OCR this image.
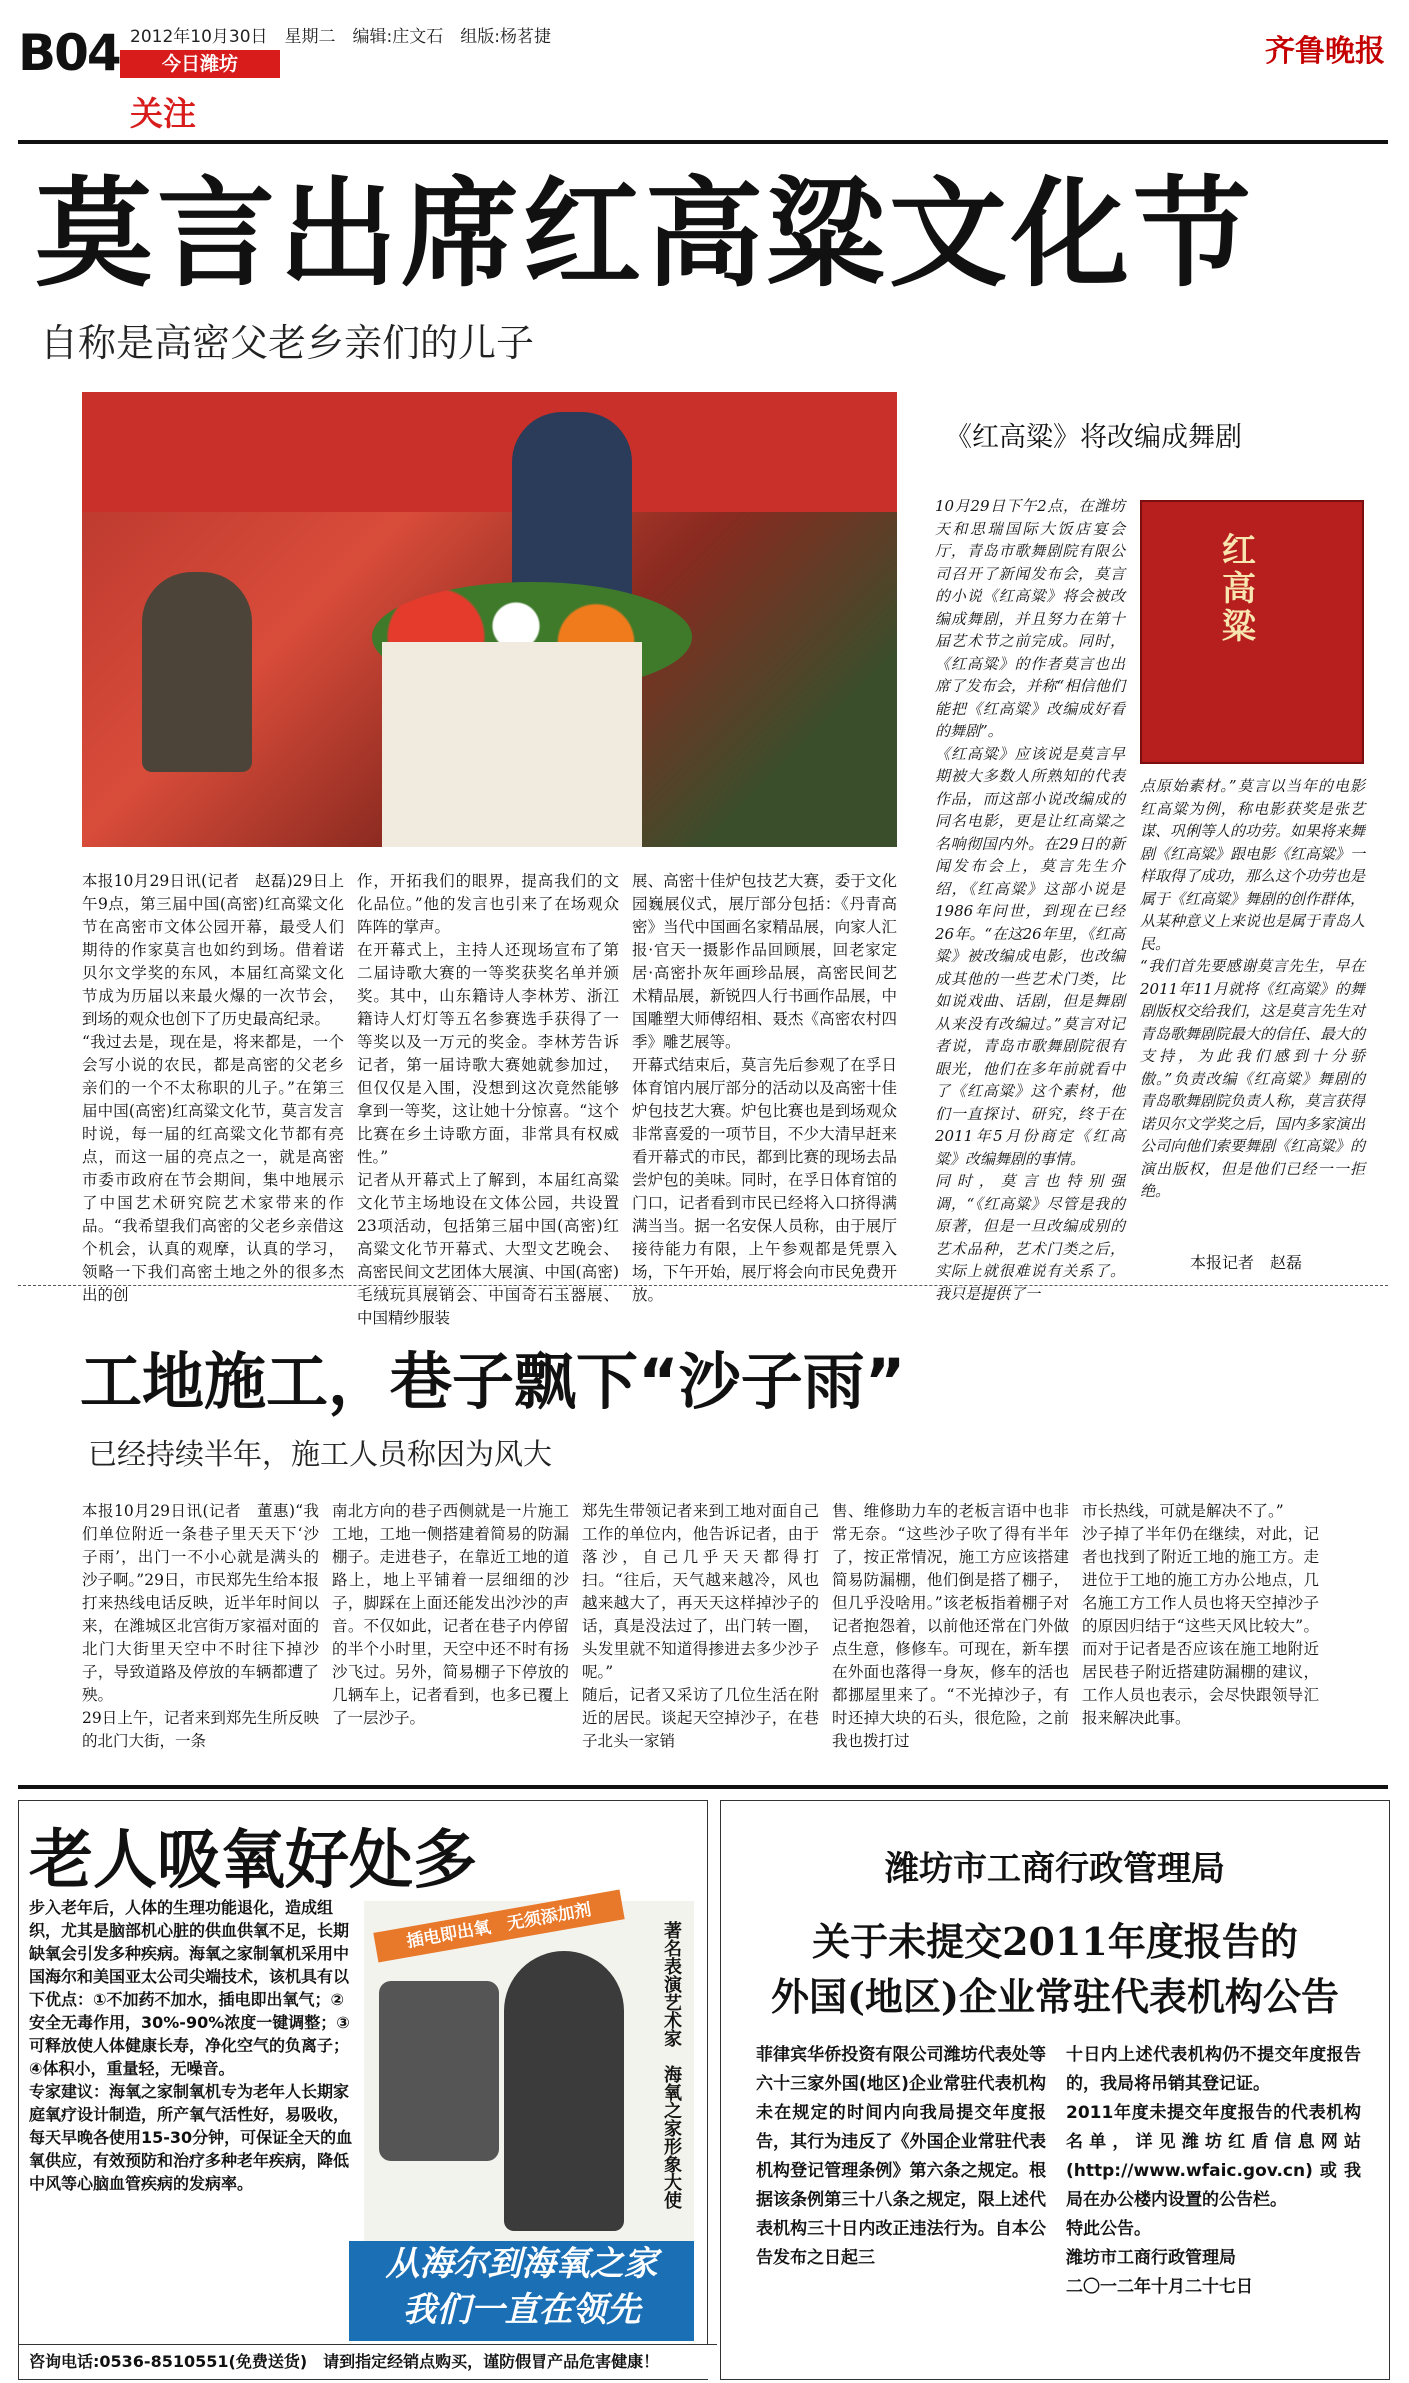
B04 2012年10月30日　星期二　编辑:庄文石　组版:杨茗捷
今日潍坊
关注
齐鲁晚报
莫言出席红高粱文化节
自称是高密父老乡亲们的儿子
本报10月29日讯(记者　赵磊)29日上午9点，第三届中国(高密)红高粱文化节在高密市文体公园开幕，最受人们期待的作家莫言也如约到场。借着诺贝尔文学奖的东风，本届红高粱文化节成为历届以来最火爆的一次节会，到场的观众也创下了历史最高纪录。
“我过去是，现在是，将来都是，一个会写小说的农民，都是高密的父老乡亲们的一个不太称职的儿子。”在第三届中国(高密)红高粱文化节，莫言发言时说，每一届的红高粱文化节都有亮点，而这一届的亮点之一，就是高密市委市政府在节会期间，集中地展示了中国艺术研究院艺术家带来的作品。“我希望我们高密的父老乡亲借这个机会，认真的观摩，认真的学习，领略一下我们高密土地之外的很多杰出的创
作，开拓我们的眼界，提高我们的文化品位。”他的发言也引来了在场观众阵阵的掌声。
在开幕式上，主持人还现场宣布了第二届诗歌大赛的一等奖获奖名单并颁奖。其中，山东籍诗人李林芳、浙江籍诗人灯灯等五名参赛选手获得了一等奖以及一万元的奖金。李林芳告诉记者，第一届诗歌大赛她就参加过，但仅仅是入围，没想到这次竟然能够拿到一等奖，这让她十分惊喜。“这个比赛在乡土诗歌方面，非常具有权威性。”
记者从开幕式上了解到，本届红高粱文化节主场地设在文体公园，共设置23项活动，包括第三届中国(高密)红高粱文化节开幕式、大型文艺晚会、高密民间文艺团体大展演、中国(高密)毛绒玩具展销会、中国奇石玉器展、中国精纱服装
展、高密十佳炉包技艺大赛，委于文化园巍展仪式，展厅部分包括：《丹青高密》当代中国画名家精品展，向家人汇报·官天一摄影作品回顾展，回老家定居·高密扑灰年画珍品展，高密民间艺术精品展，新锐四人行书画作品展，中国雕塑大师傅绍相、聂杰《高密农村四季》雕艺展等。
开幕式结束后，莫言先后参观了在孚日体育馆内展厅部分的活动以及高密十佳炉包技艺大赛。炉包比赛也是到场观众非常喜爱的一项节目，不少大清早赶来看开幕式的市民，都到比赛的现场去品尝炉包的美味。同时，在孚日体育馆的门口，记者看到市民已经将入口挤得满满当当。据一名安保人员称，由于展厅接待能力有限，上午参观都是凭票入场，下午开始，展厅将会向市民免费开放。
《红高粱》将改编成舞剧
红高粱
10月29日下午2点，在潍坊天和思瑞国际大饭店宴会厅，青岛市歌舞剧院有限公司召开了新闻发布会，莫言的小说《红高粱》将会被改编成舞剧，并且努力在第十届艺术节之前完成。同时，《红高粱》的作者莫言也出席了发布会，并称“相信他们能把《红高粱》改编成好看的舞剧”。
《红高粱》应该说是莫言早期被大多数人所熟知的代表作品，而这部小说改编成的同名电影，更是让红高粱之名响彻国内外。在29日的新闻发布会上，莫言先生介绍，《红高粱》这部小说是1986年问世，到现在已经26年。“在这26年里，《红高粱》被改编成电影，也改编成其他的一些艺术门类，比如说戏曲、话剧，但是舞剧从来没有改编过。”莫言对记者说，青岛市歌舞剧院很有眼光，他们在多年前就看中了《红高粱》这个素材，他们一直探讨、研究，终于在2011年5月份商定《红高粱》改编舞剧的事情。
同时，莫言也特别强调，“《红高粱》尽管是我的原著，但是一旦改编成别的艺术品种，艺术门类之后，实际上就很难说有关系了。我只是提供了一
点原始素材。”莫言以当年的电影红高粱为例，称电影获奖是张艺谋、巩俐等人的功劳。如果将来舞剧《红高粱》跟电影《红高粱》一样取得了成功，那么这个功劳也是属于《红高粱》舞剧的创作群体，从某种意义上来说也是属于青岛人民。
“我们首先要感谢莫言先生，早在2011年11月就将《红高粱》的舞剧版权交给我们，这是莫言先生对青岛歌舞剧院最大的信任、最大的支持，为此我们感到十分骄傲。”负责改编《红高粱》舞剧的青岛歌舞剧院负责人称，莫言获得诺贝尔文学奖之后，国内多家演出公司向他们索要舞剧《红高粱》的演出版权，但是他们已经一一拒绝。
本报记者　赵磊
工地施工，巷子飘下“沙子雨”
已经持续半年，施工人员称因为风大
本报10月29日讯(记者　董惠)“我们单位附近一条巷子里天天下‘沙子雨’，出门一不小心就是满头的沙子啊。”29日，市民郑先生给本报打来热线电话反映，近半年时间以来，在潍城区北宫街万家福对面的北门大街里天空中不时往下掉沙子，导致道路及停放的车辆都遭了殃。
29日上午，记者来到郑先生所反映的北门大街，一条
南北方向的巷子西侧就是一片施工工地，工地一侧搭建着简易的防漏棚子。走进巷子，在靠近工地的道路上，地上平铺着一层细细的沙子，脚踩在上面还能发出沙沙的声音。不仅如此，记者在巷子内停留的半个小时里，天空中还不时有扬沙飞过。另外，简易棚子下停放的几辆车上，记者看到，也多已覆上了一层沙子。
郑先生带领记者来到工地对面自己工作的单位内，他告诉记者，由于落沙，自己几乎天天都得打扫。“往后，天气越来越冷，风也越来越大了，再天天这样掉沙子的话，真是没法过了，出门转一圈，头发里就不知道得掺进去多少沙子呢。”
随后，记者又采访了几位生活在附近的居民。谈起天空掉沙子，在巷子北头一家销
售、维修助力车的老板言语中也非常无奈。“这些沙子吹了得有半年了，按正常情况，施工方应该搭建简易防漏棚，他们倒是搭了棚子，但几乎没啥用。”该老板指着棚子对记者抱怨着，以前他还常在门外做点生意，修修车。可现在，新车摆在外面也落得一身灰，修车的活也都挪屋里来了。“不光掉沙子，有时还掉大块的石头，很危险，之前我也拨打过
市长热线，可就是解决不了。”
沙子掉了半年仍在继续，对此，记者也找到了附近工地的施工方。走进位于工地的施工方办公地点，几名施工方工作人员也将天空掉沙子的原因归结于“这些天风比较大”。而对于记者是否应该在施工地附近居民巷子附近搭建防漏棚的建议，工作人员也表示，会尽快跟领导汇报来解决此事。
老人吸氧好处多
步入老年后，人体的生理功能退化，造成组织，尤其是脑部机心脏的供血供氧不足，长期缺氧会引发多种疾病。海氧之家制氧机采用中国海尔和美国亚太公司尖端技术，该机具有以下优点：①不加药不加水，插电即出氧气；②安全无毒作用，30%-90%浓度一键调整；③可释放使人体健康长寿，净化空气的负离子；④体积小，重量轻，无噪音。
专家建议：海氧之家制氧机专为老年人长期家庭氧疗设计制造，所产氧气活性好，易吸收，每天早晚各使用15-30分钟，可保证全天的血氧供应，有效预防和治疗多种老年疾病，降低中风等心脑血管疾病的发病率。
插电即出氧　无须添加剂	著名表演艺术家　海氧之家形象大使
从海尔到海氧之家
我们一直在领先
咨询电话:0536-8510551(免费送货)　请到指定经销点购买，谨防假冒产品危害健康！
潍坊市工商行政管理局
关于未提交2011年度报告的
外国(地区)企业常驻代表机构公告
菲律宾华侨投资有限公司潍坊代表处等六十三家外国(地区)企业常驻代表机构未在规定的时间内向我局提交年度报告，其行为违反了《外国企业常驻代表机构登记管理条例》第六条之规定。根据该条例第三十八条之规定，限上述代表机构三十日内改正违法行为。自本公告发布之日起三
十日内上述代表机构仍不提交年度报告的，我局将吊销其登记证。
2011年度未提交年度报告的代表机构名单，详见潍坊红盾信息网站(http://www.wfaic.gov.cn)或我局在办公楼内设置的公告栏。
特此公告。
潍坊市工商行政管理局
二〇一二年十月二十七日
